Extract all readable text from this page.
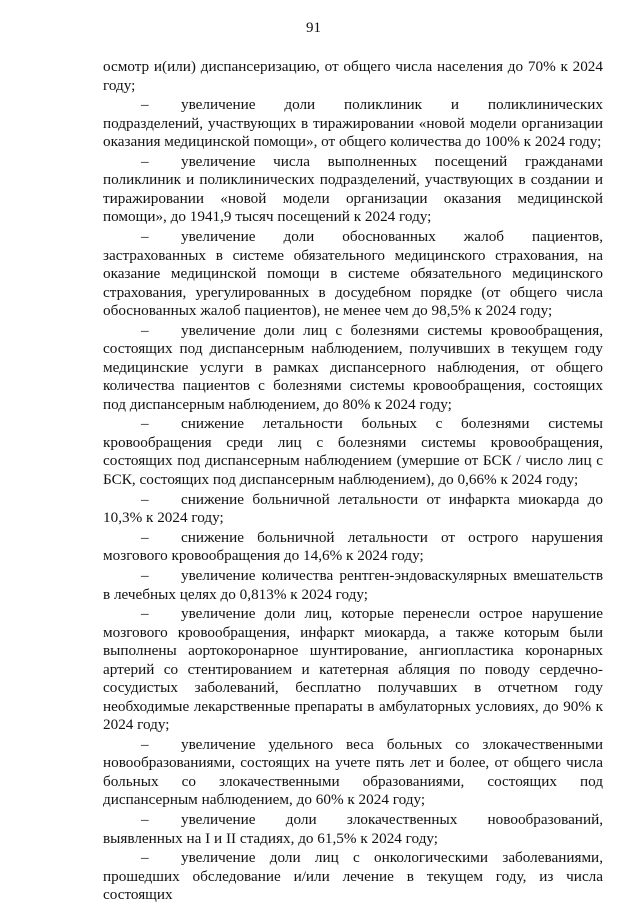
91

осмотр и(или) диспансеризацию, от общего числа населения до 70% к 2024 году;

– увеличение доли поликлиник и поликлинических подразделений, участвующих в тиражировании «новой модели организации оказания медицинской помощи», от общего количества до 100% к 2024 году;

– увеличение числа выполненных посещений гражданами поликлиник и поликлинических подразделений, участвующих в создании и тиражировании «новой модели организации оказания медицинской помощи», до 1941,9 тысяч посещений к 2024 году;

– увеличение доли обоснованных жалоб пациентов, застрахованных в системе обязательного медицинского страхования, на оказание медицинской помощи в системе обязательного медицинского страхования, урегулированных в досудебном порядке (от общего числа обоснованных жалоб пациентов), не менее чем до 98,5% к 2024 году;

– увеличение доли лиц с болезнями системы кровообращения, состоящих под диспансерным наблюдением, получивших в текущем году медицинские услуги в рамках диспансерного наблюдения, от общего количества пациентов с болезнями системы кровообращения, состоящих под диспансерным наблюдением, до 80% к 2024 году;

– снижение летальности больных с болезнями системы кровообращения среди лиц с болезнями системы кровообращения, состоящих под диспансерным наблюдением (умершие от БСК / число лиц с БСК, состоящих под диспансерным наблюдением), до 0,66% к 2024 году;

– снижение больничной летальности от инфаркта миокарда до 10,3% к 2024 году;

– снижение больничной летальности от острого нарушения мозгового кровообращения до 14,6% к 2024 году;

– увеличение количества рентген-эндоваскулярных вмешательств в лечебных целях до 0,813% к 2024 году;

– увеличение доли лиц, которые перенесли острое нарушение мозгового кровообращения, инфаркт миокарда, а также которым были выполнены аортокоронарное шунтирование, ангиопластика коронарных артерий со стентированием и катетерная абляция по поводу сердечно-сосудистых заболеваний, бесплатно получавших в отчетном году необходимые лекарственные препараты в амбулаторных условиях, до 90% к 2024 году;

– увеличение удельного веса больных со злокачественными новообразованиями, состоящих на учете пять лет и более, от общего числа больных со злокачественными образованиями, состоящих под диспансерным наблюдением, до 60% к 2024 году;

– увеличение доли злокачественных новообразований, выявленных на I и II стадиях, до 61,5% к 2024 году;

– увеличение доли лиц с онкологическими заболеваниями, прошедших обследование и/или лечение в текущем году, из числа состоящих
